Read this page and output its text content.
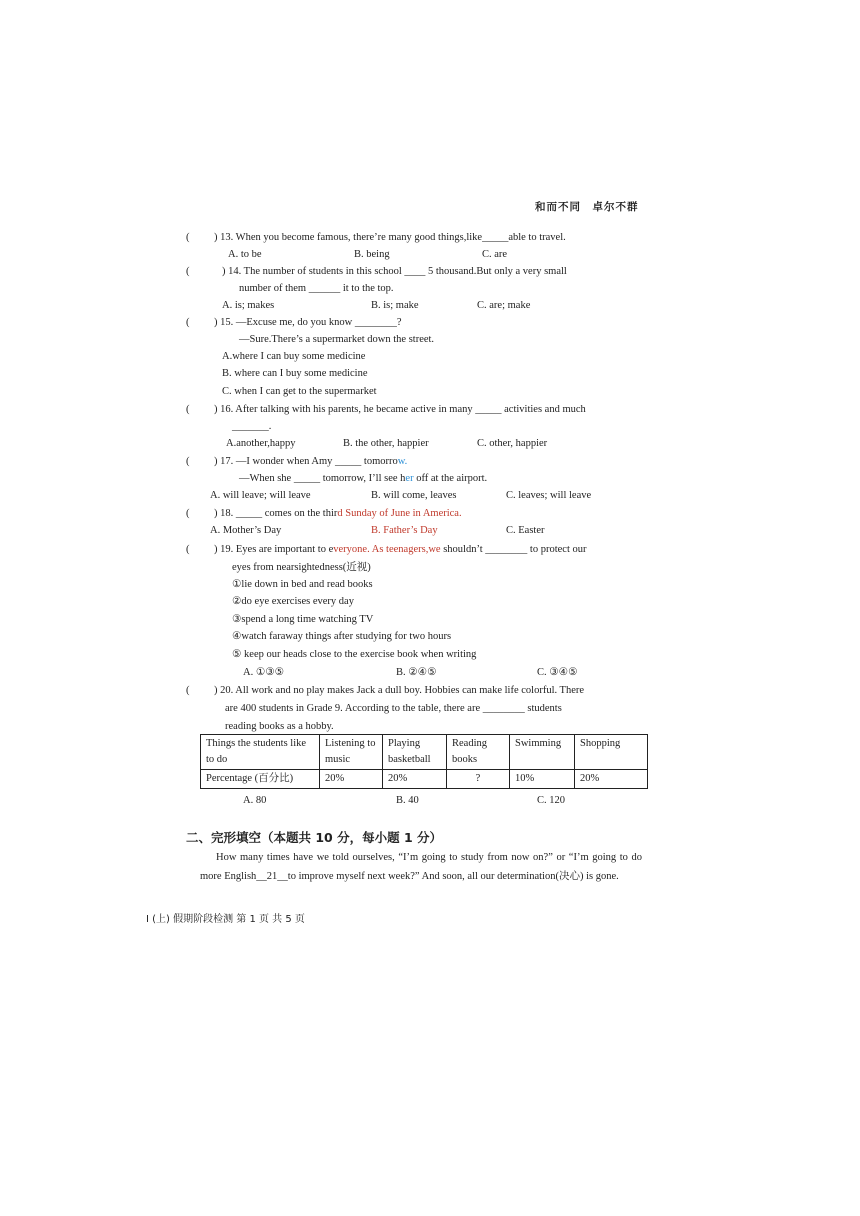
和而不同　卓尔不群
( ) 13. When you become famous, there’re many good things,like_____able to travel.
A. to be	B. being	C. are
(	) 14. The number of students in this school ____ 5 thousand.But only a very small
number of them ______ it to the top.
A. is; makes	B. is; make	C. are; make
( ) 15. —Excuse me, do you know ________?
—Sure.There’s a supermarket down the street.
A.where I can buy some medicine
B. where can I buy some medicine
C. when I can get to the supermarket
( ) 16. After talking with his parents, he became active in many _____ activities and much
_______.
A.another,happy	B. the other, happier	C. other, happier
( ) 17. —I wonder when Amy _____ tomorrow.
—When she _____ tomorrow, I’ll see her off at the airport.
A. will leave; will leave	B. will come, leaves	C. leaves; will leave
( ) 18. _____ comes on the third Sunday of June in America.
A. Mother’s Day	B. Father’s Day	C. Easter
( ) 19. Eyes are important to everyone. As teenagers,we shouldn’t ________ to protect our
eyes from nearsightedness(近视)
①lie down in bed and read books
②do eye exercises every day
③spend a long time watching TV
④watch faraway things after studying for two hours
⑤ keep our heads close to the exercise book when writing
A. ①③⑤	B. ②④⑤	C. ③④⑤
( ) 20. All work and no play makes Jack a dull boy. Hobbies can make life colorful. There
are 400 students in Grade 9. According to the table, there are ________ students
reading books as a hobby.
Things the students like to do	Listening to music	Playing basketball	Reading books	Swimming	Shopping
Percentage (百分比)	20%	20%	?	10%	20%
A. 80	B. 40	C. 120
二、完形填空（本题共 10 分，每小题 1 分）
How many times have we told ourselves, “I’m going to study from now on?” or “I’m going to do more English__21__to improve myself next week?” And soon, all our determination(决心) is gone.
I (上) 假期阶段检测 第 1 页 共 5 页
